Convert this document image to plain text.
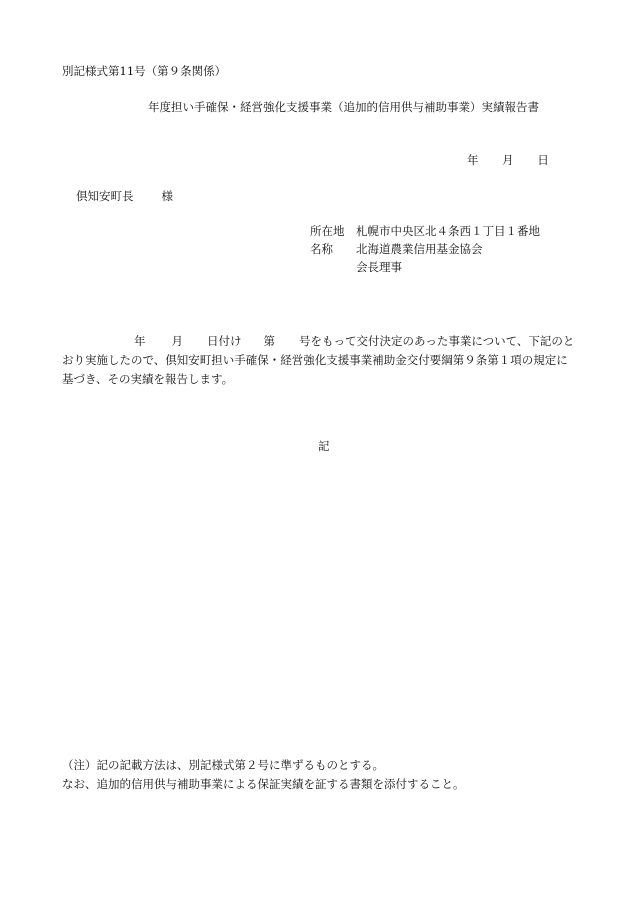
別記様式第11号（第９条関係）
年度担い手確保・経営強化支援事業（追加的信用供与補助事業）実績報告書
年 月 日
倶知安町長 様
所在地	札幌市中央区北４条西１丁目１番地
名称	北海道農業信用基金協会
会長理事
年 月 日付け 第 号をもって交付決定のあった事業について、下記のと
おり実施したので、倶知安町担い手確保・経営強化支援事業補助金交付要綱第９条第１項の規定に
基づき、その実績を報告します。
記
（注）記の記載方法は、別記様式第２号に準ずるものとする。
なお、追加的信用供与補助事業による保証実績を証する書類を添付すること。
